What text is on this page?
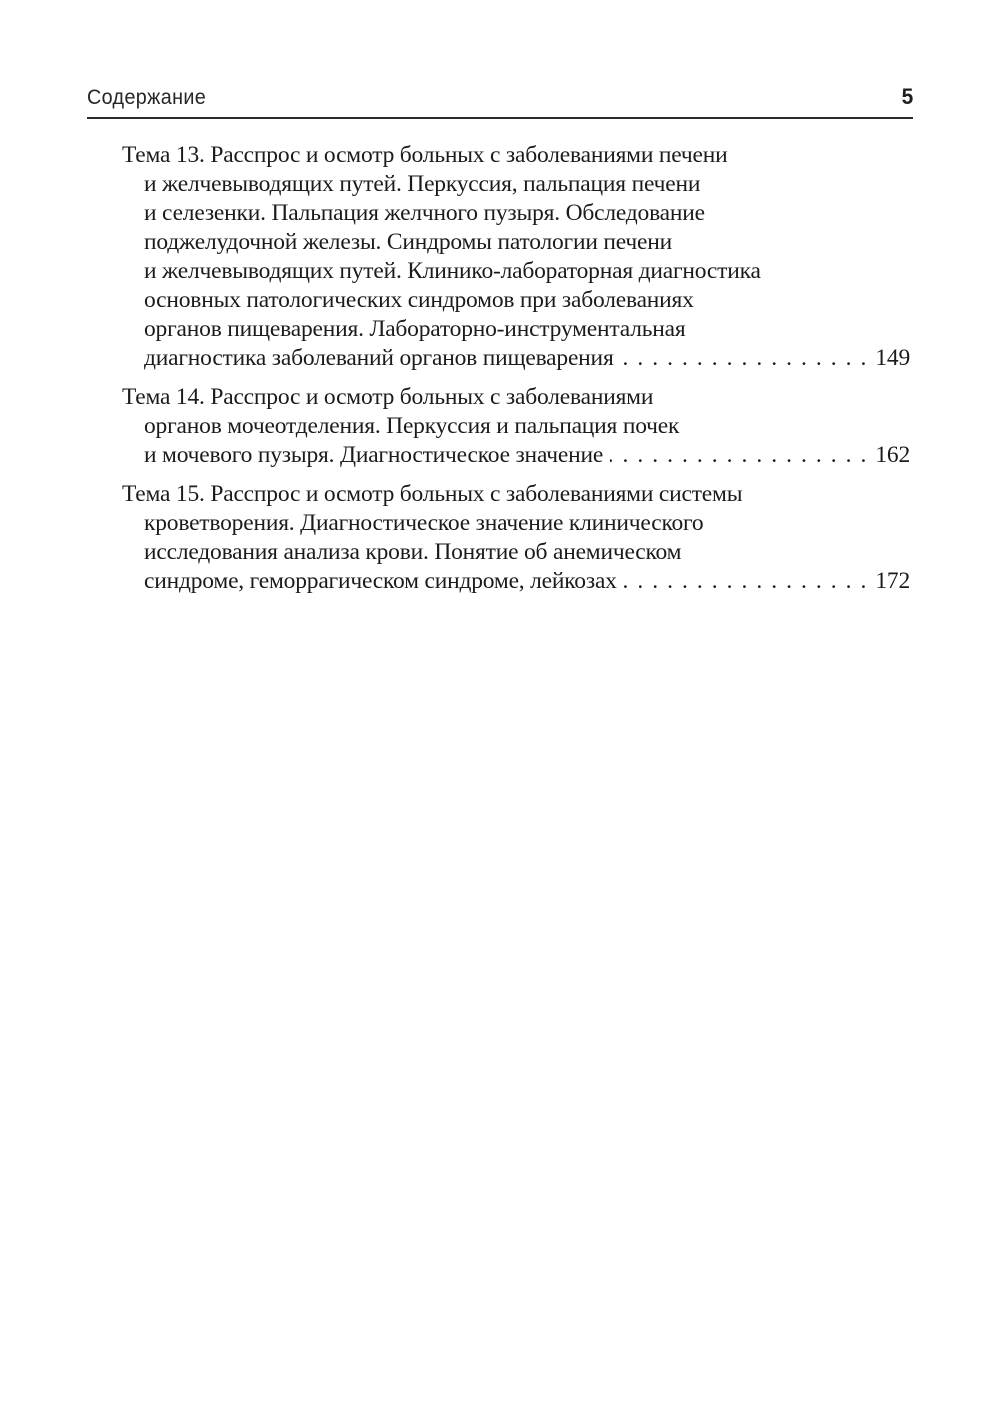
Содержание	5
Тема 13. Расспрос и осмотр больных с заболеваниями печени
и желчевыводящих путей. Перкуссия, пальпация печени
и селезенки. Пальпация желчного пузыря. Обследование
поджелудочной железы. Синдромы патологии печени
и желчевыводящих путей. Клинико-лабораторная диагностика
основных патологических синдромов при заболеваниях
органов пищеварения. Лабораторно-инструментальная
диагностика заболеваний органов пищеварения .....	149
Тема 14. Расспрос и осмотр больных с заболеваниями
органов мочеотделения. Перкуссия и пальпация почек
и мочевого пузыря. Диагностическое значение .....	162
Тема 15. Расспрос и осмотр больных с заболеваниями системы
кроветворения. Диагностическое значение клинического
исследования анализа крови. Понятие об анемическом
синдроме, геморрагическом синдроме, лейкозах .....	172
